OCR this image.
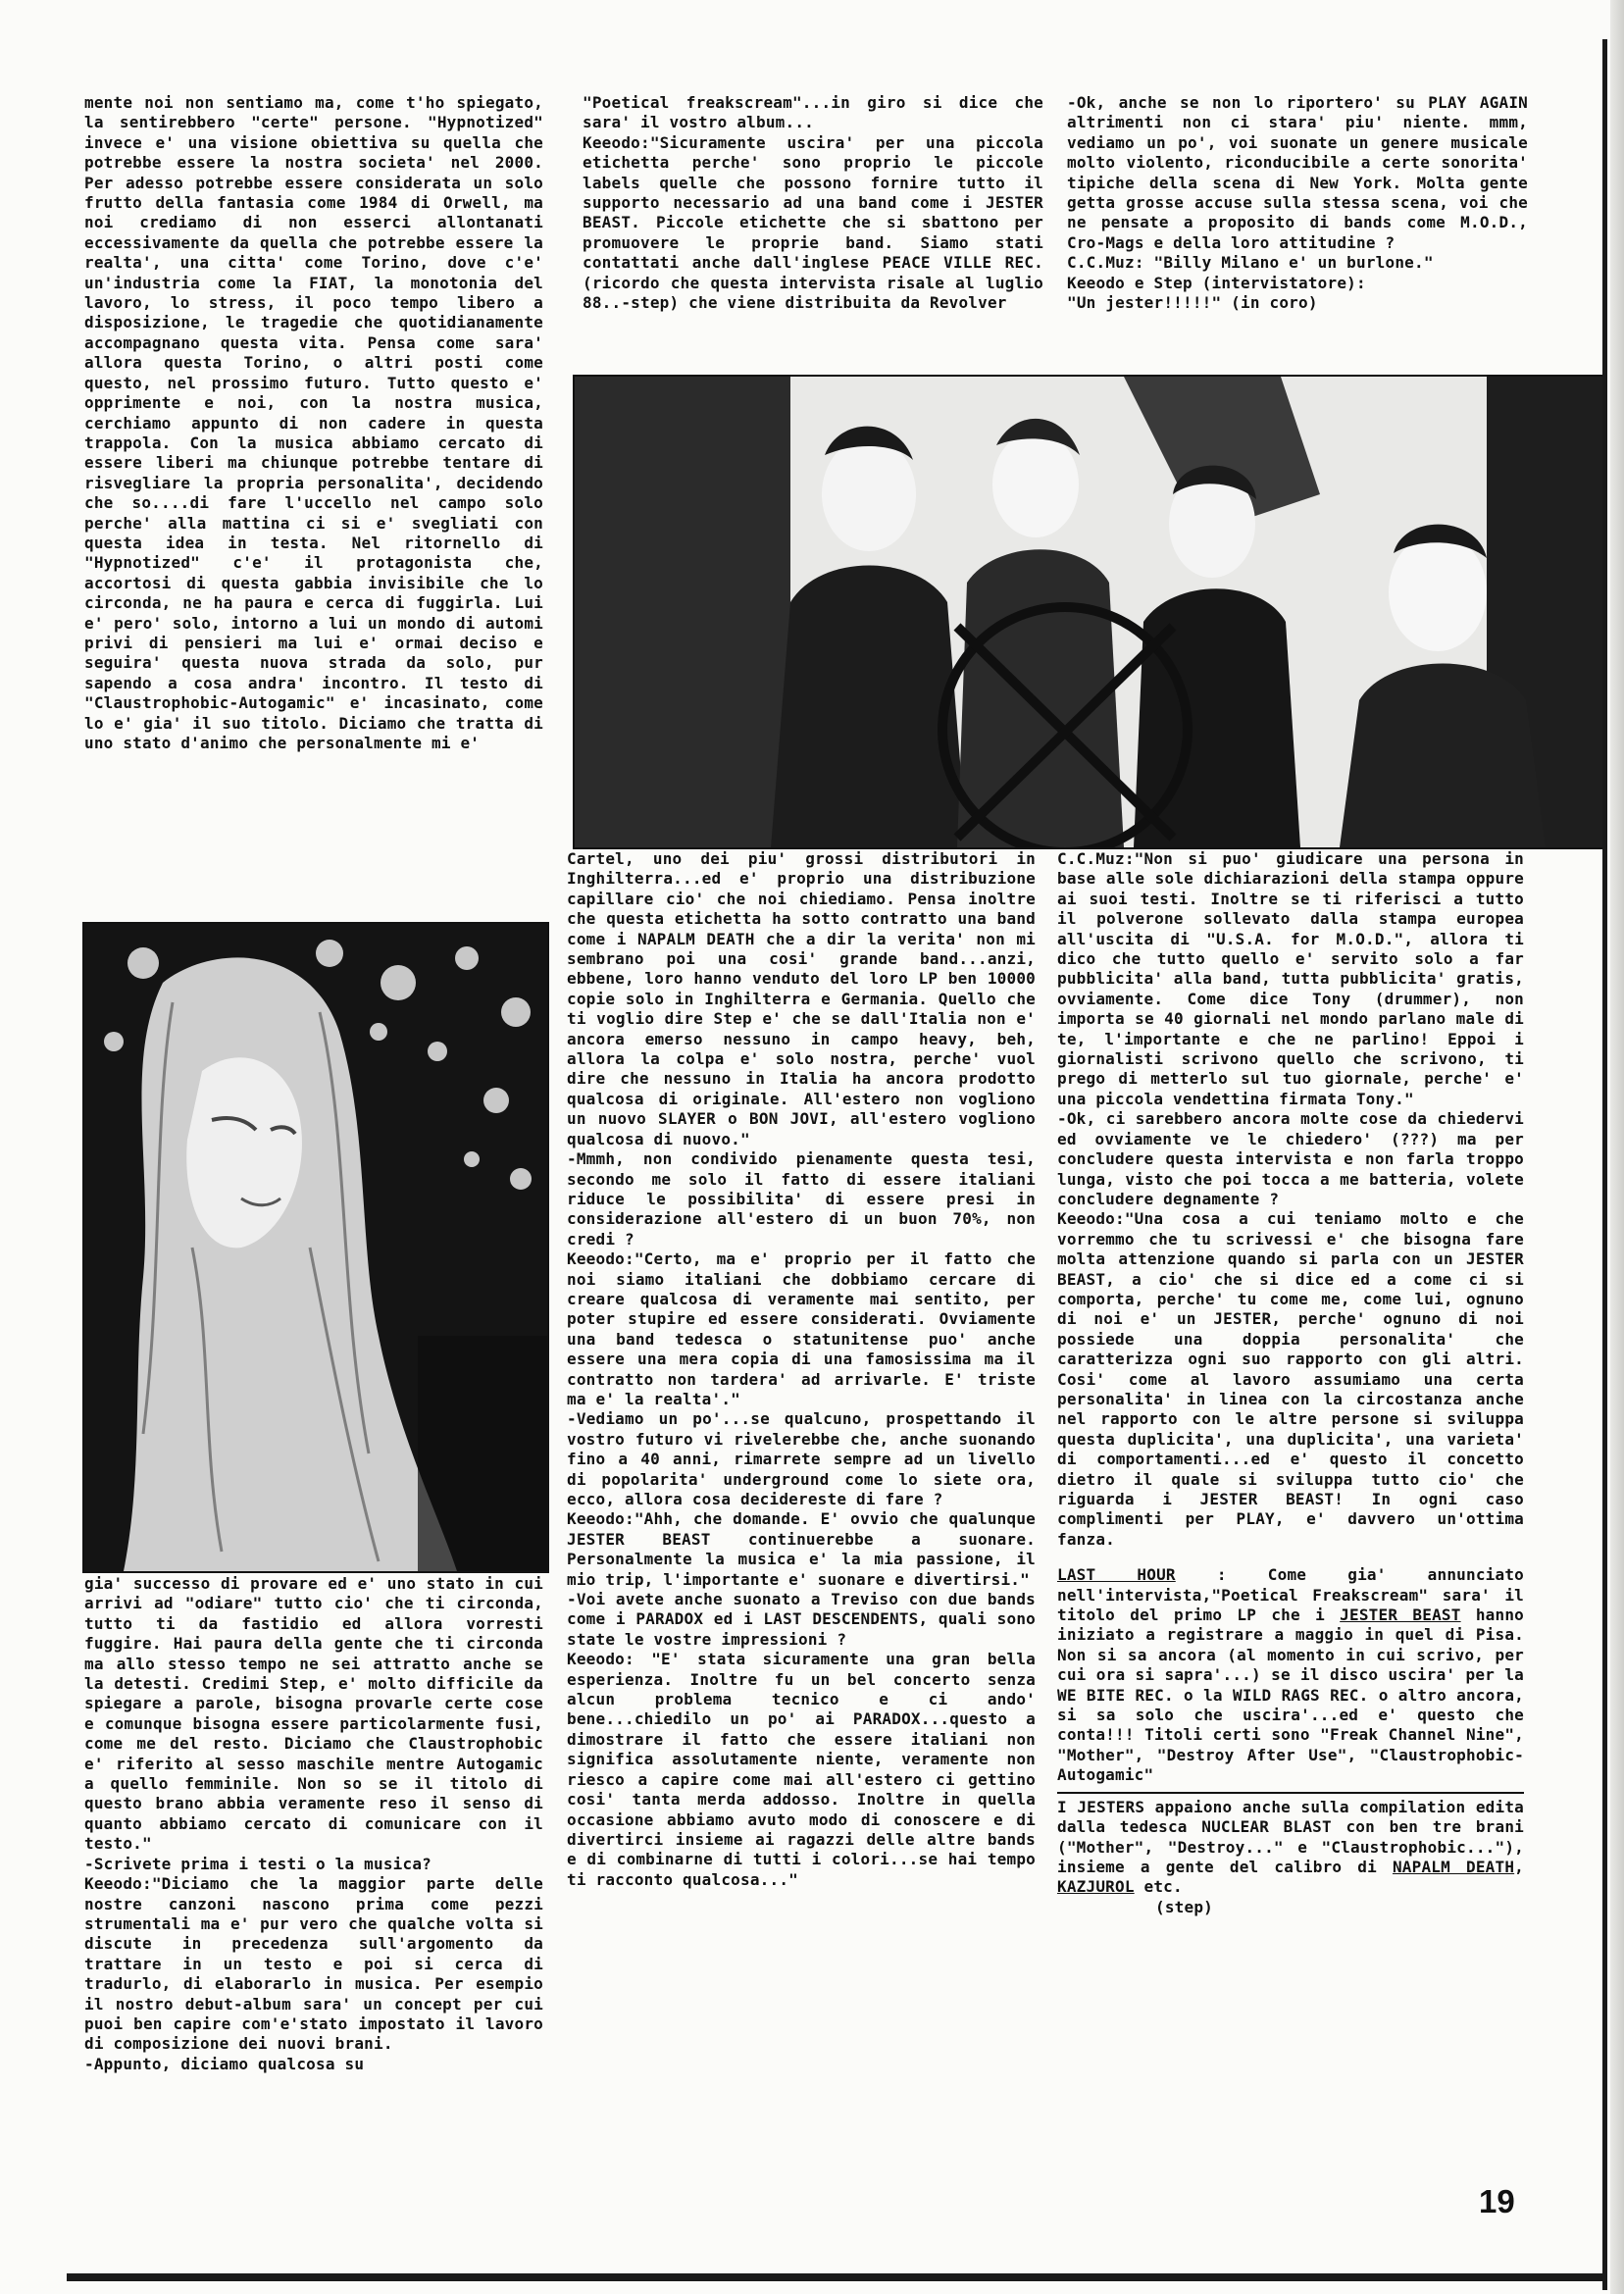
mente noi non sentiamo ma, come t'ho spiegato, la sentirebbero "certe" persone. "Hypnotized" invece e' una visione obiettiva su quella che potrebbe essere la nostra societa' nel 2000. Per adesso potrebbe essere considerata un solo frutto della fantasia come 1984 di Orwell, ma noi crediamo di non esserci allontanati eccessivamente da quella che potrebbe essere la realta', una citta' come Torino, dove c'e' un'industria come la FIAT, la monotonia del lavoro, lo stress, il poco tempo libero a disposizione, le tragedie che quotidianamente accompagnano questa vita. Pensa come sara' allora questa Torino, o altri posti come questo, nel prossimo futuro. Tutto questo e' opprimente e noi, con la nostra musica, cerchiamo appunto di non cadere in questa trappola. Con la musica abbiamo cercato di essere liberi ma chiunque potrebbe tentare di risvegliare la propria personalita', decidendo che so....di fare l'uccello nel campo solo perche' alla mattina ci si e' svegliati con questa idea in testa. Nel ritornello di "Hypnotized" c'e' il protagonista che, accortosi di questa gabbia invisibile che lo circonda, ne ha paura e cerca di fuggirla. Lui e' pero' solo, intorno a lui un mondo di automi privi di pensieri ma lui e' ormai deciso e seguira' questa nuova strada da solo, pur sapendo a cosa andra' incontro. Il testo di "Claustrophobic-Autogamic" e' incasinato, come lo e' gia' il suo titolo. Diciamo che tratta di uno stato d'animo che personalmente mi e'

gia' successo di provare ed e' uno stato in cui arrivi ad "odiare" tutto cio' che ti circonda, tutto ti da fastidio ed allora vorresti fuggire. Hai paura della gente che ti circonda ma allo stesso tempo ne sei attratto anche se la detesti. Credimi Step, e' molto difficile da spiegare a parole, bisogna provarle certe cose e comunque bisogna essere particolarmente fusi, come me del resto. Diciamo che Claustrophobic e' riferito al sesso maschile mentre Autogamic a quello femminile. Non so se il titolo di questo brano abbia veramente reso il senso di quanto abbiamo cercato di comunicare con il testo."

-Scrivete prima i testi o la musica?

Keeodo:"Diciamo che la maggior parte delle nostre canzoni nascono prima come pezzi strumentali ma e' pur vero che qualche volta si discute in precedenza sull'argomento da trattare in un testo e poi si cerca di tradurlo, di elaborarlo in musica. Per esempio il nostro debut-album sara' un concept per cui puoi ben capire com'e'stato impostato il lavoro di composizione dei nuovi brani.

-Appunto, diciamo qualcosa su

"Poetical freakscream"...in giro si dice che sara' il vostro album...

Keeodo:"Sicuramente uscira' per una piccola etichetta perche' sono proprio le piccole labels quelle che possono fornire tutto il supporto necessario ad una band come i JESTER BEAST. Piccole etichette che si sbattono per promuovere le proprie band. Siamo stati contattati anche dall'inglese PEACE VILLE REC.(ricordo che questa intervista risale al luglio 88..-step) che viene distribuita da Revolver

Cartel, uno dei piu' grossi distributori in Inghilterra...ed e' proprio una distribuzione capillare cio' che noi chiediamo. Pensa inoltre che questa etichetta ha sotto contratto una band come i NAPALM DEATH che a dir la verita' non mi sembrano poi una cosi' grande band...anzi, ebbene, loro hanno venduto del loro LP ben 10000 copie solo in Inghilterra e Germania. Quello che ti voglio dire Step e' che se dall'Italia non e' ancora emerso nessuno in campo heavy, beh, allora la colpa e' solo nostra, perche' vuol dire che nessuno in Italia ha ancora prodotto qualcosa di originale. All'estero non vogliono un nuovo SLAYER o BON JOVI, all'estero vogliono qualcosa di nuovo."

-Mmmh, non condivido pienamente questa tesi, secondo me solo il fatto di essere italiani riduce le possibilita' di essere presi in considerazione all'estero di un buon 70%, non credi ?

Keeodo:"Certo, ma e' proprio per il fatto che noi siamo italiani che dobbiamo cercare di creare qualcosa di veramente mai sentito, per poter stupire ed essere considerati. Ovviamente una band tedesca o statunitense puo' anche essere una mera copia di una famosissima ma il contratto non tardera' ad arrivarle. E' triste ma e' la realta'."

-Vediamo un po'...se qualcuno, prospettando il vostro futuro vi rivelerebbe che, anche suonando fino a 40 anni, rimarrete sempre ad un livello di popolarita' underground come lo siete ora, ecco, allora cosa decidereste di fare ?

Keeodo:"Ahh, che domande. E' ovvio che qualunque JESTER BEAST continuerebbe a suonare. Personalmente la musica e' la mia passione, il mio trip, l'importante e' suonare e divertirsi."

-Voi avete anche suonato a Treviso con due bands come i PARADOX ed i LAST DESCENDENTS, quali sono state le vostre impressioni ?

Keeodo: "E' stata sicuramente una gran bella esperienza. Inoltre fu un bel concerto senza alcun problema tecnico e ci ando' bene...chiedilo un po' ai PARADOX...questo a dimostrare il fatto che essere italiani non significa assolutamente niente, veramente non riesco a capire come mai all'estero ci gettino cosi' tanta merda addosso. Inoltre in quella occasione abbiamo avuto modo di conoscere e di divertirci insieme ai ragazzi delle altre bands e di combinarne di tutti i colori...se hai tempo ti racconto qualcosa..."

-Ok, anche se non lo riportero' su PLAY AGAIN altrimenti non ci stara' piu' niente. mmm, vediamo un po', voi suonate un genere musicale molto violento, riconducibile a certe sonorita' tipiche della scena di New York. Molta gente getta grosse accuse sulla stessa scena, voi che ne pensate a proposito di bands come M.O.D., Cro-Mags e della loro attitudine ?

C.C.Muz: "Billy Milano e' un burlone."

Keeodo e Step (intervistatore):

"Un jester!!!!!" (in coro)

C.C.Muz:"Non si puo' giudicare una persona in base alle sole dichiarazioni della stampa oppure ai suoi testi. Inoltre se ti riferisci a tutto il polverone sollevato dalla stampa europea all'uscita di "U.S.A. for M.O.D.", allora ti dico che tutto quello e' servito solo a far pubblicita' alla band, tutta pubblicita' gratis, ovviamente. Come dice Tony (drummer), non importa se 40 giornali nel mondo parlano male di te, l'importante e che ne parlino! Eppoi i giornalisti scrivono quello che scrivono, ti prego di metterlo sul tuo giornale, perche' e' una piccola vendettina firmata Tony."

-Ok, ci sarebbero ancora molte cose da chiedervi ed ovviamente ve le chiedero' (???) ma per concludere questa intervista e non farla troppo lunga, visto che poi tocca a me batteria, volete concludere degnamente ?

Keeodo:"Una cosa a cui teniamo molto e che vorremmo che tu scrivessi e' che bisogna fare molta attenzione quando si parla con un JESTER BEAST, a cio' che si dice ed a come ci si comporta, perche' tu come me, come lui, ognuno di noi e' un JESTER, perche' ognuno di noi possiede una doppia personalita' che caratterizza ogni suo rapporto con gli altri. Cosi' come al lavoro assumiamo una certa personalita' in linea con la circostanza anche nel rapporto con le altre persone si sviluppa questa duplicita', una duplicita', una varieta' di comportamenti...ed e' questo il concetto dietro il quale si sviluppa tutto cio' che riguarda i JESTER BEAST! In ogni caso complimenti per PLAY, e' davvero un'ottima fanza.

LAST HOUR : Come gia' annunciato nell'intervista,"Poetical Freakscream" sara' il titolo del primo LP che i JESTER BEAST hanno iniziato a registrare a maggio in quel di Pisa. Non si sa ancora (al momento in cui scrivo, per cui ora si sapra'...) se il disco uscira' per la WE BITE REC. o la WILD RAGS REC. o altro ancora, si sa solo che uscira'...ed e' questo che conta!!! Titoli certi sono "Freak Channel Nine", "Mother", "Destroy After Use", "Claustrophobic-Autogamic"

I JESTERS appaiono anche sulla compilation edita dalla tedesca NUCLEAR BLAST con ben tre brani ("Mother", "Destroy..." e "Claustrophobic..."), insieme a gente del calibro di NAPALM DEATH, KAZJUROL etc.

(step)

19
